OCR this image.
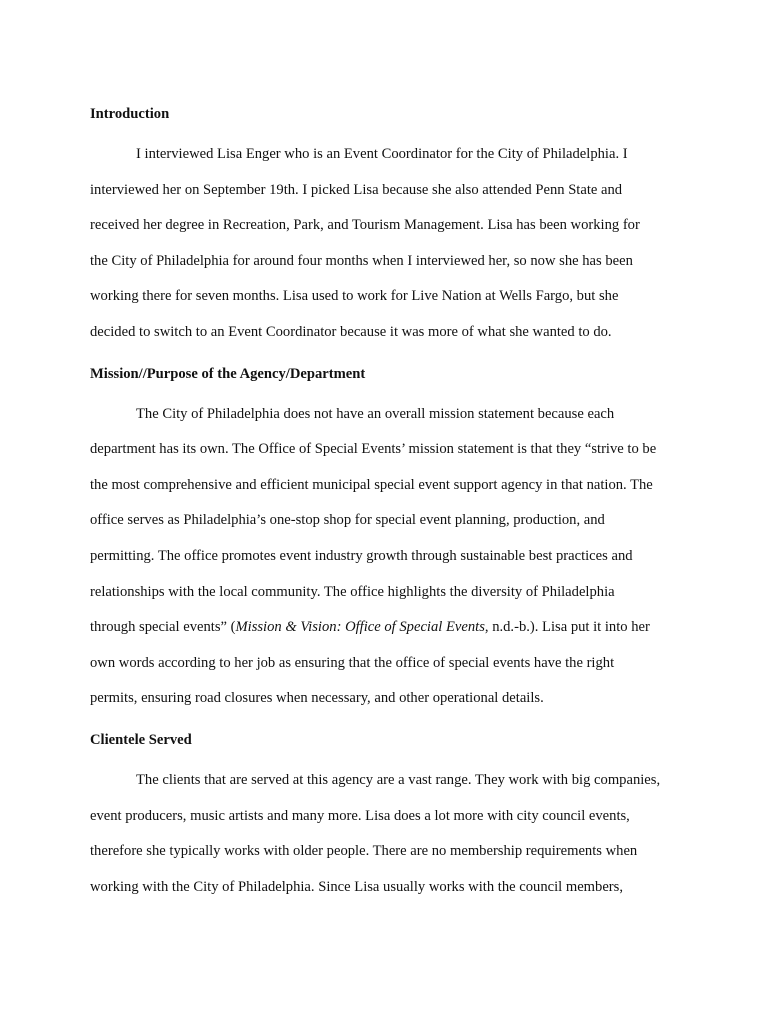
Introduction
I interviewed Lisa Enger who is an Event Coordinator for the City of Philadelphia. I
interviewed her on September 19th. I picked Lisa because she also attended Penn State and
received her degree in Recreation, Park, and Tourism Management. Lisa has been working for
the City of Philadelphia for around four months when I interviewed her, so now she has been
working there for seven months. Lisa used to work for Live Nation at Wells Fargo, but she
decided to switch to an Event Coordinator because it was more of what she wanted to do.
Mission//Purpose of the Agency/Department
The City of Philadelphia does not have an overall mission statement because each
department has its own. The Office of Special Events’ mission statement is that they “strive to be
the most comprehensive and efficient municipal special event support agency in that nation. The
office serves as Philadelphia’s one-stop shop for special event planning, production, and
permitting. The office promotes event industry growth through sustainable best practices and
relationships with the local community. The office highlights the diversity of Philadelphia
through special events” (Mission & Vision: Office of Special Events, n.d.-b.). Lisa put it into her
own words according to her job as ensuring that the office of special events have the right
permits, ensuring road closures when necessary, and other operational details.
Clientele Served
The clients that are served at this agency are a vast range. They work with big companies,
event producers, music artists and many more. Lisa does a lot more with city council events,
therefore she typically works with older people. There are no membership requirements when
working with the City of Philadelphia. Since Lisa usually works with the council members,
